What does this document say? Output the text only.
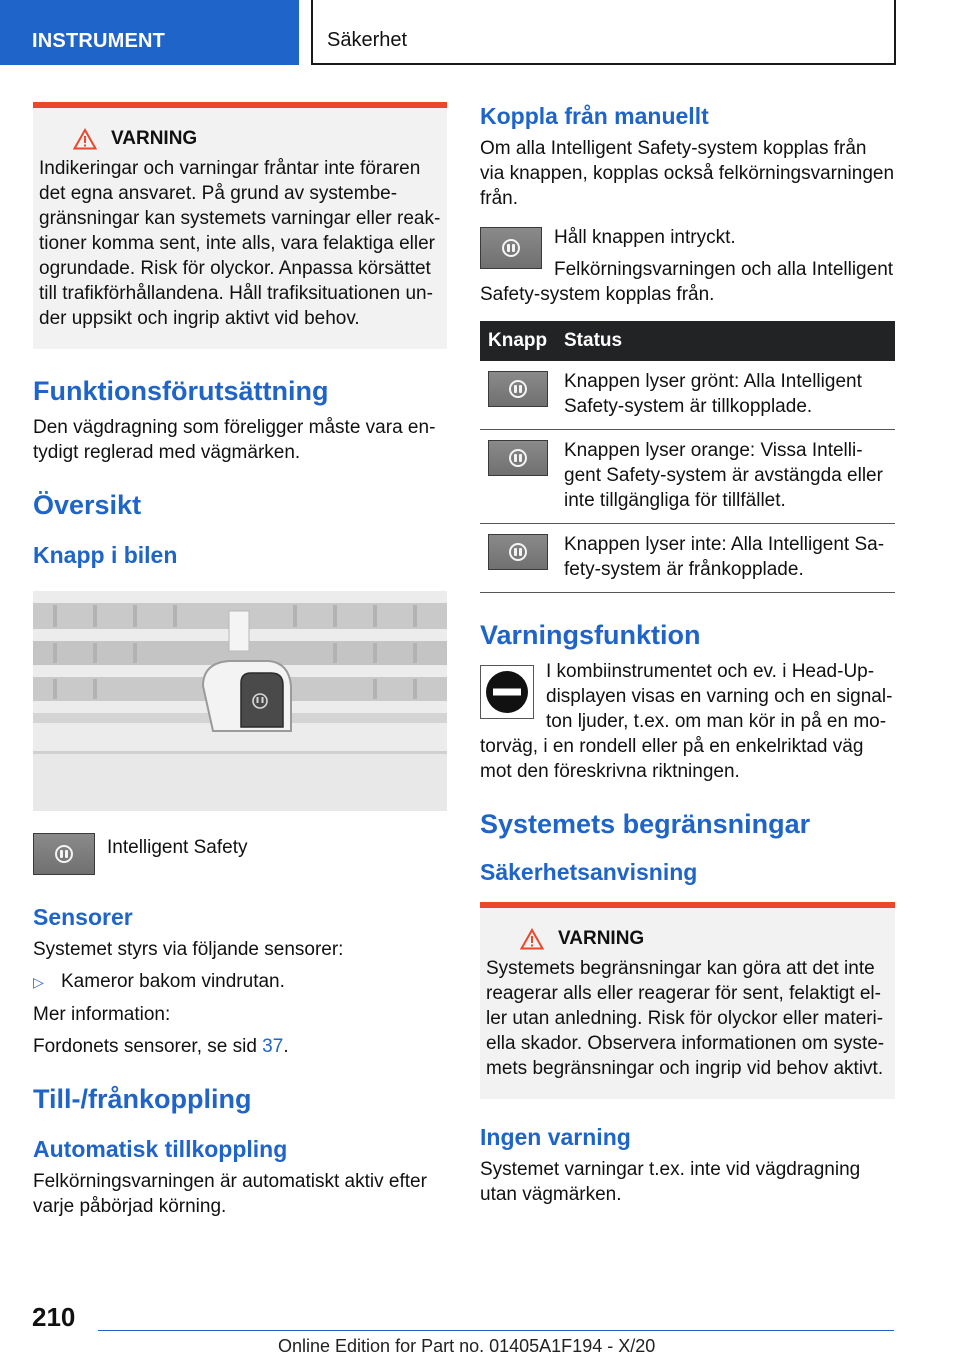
INSTRUMENT	Säkerhet
VARNING

Indikeringar och varningar fråntar inte föraren det egna ansvaret. På grund av systembegränsningar kan systemets varningar eller reaktioner komma sent, inte alls, vara felaktiga eller ogrundade. Risk för olyckor. Anpassa körsättet till trafikförhållandena. Håll trafiksituationen under uppsikt och ingrip aktivt vid behov.

Funktionsförutsättning

Den vägdragning som föreligger måste vara entydigt reglerad med vägmärken.

Översikt
Knapp i bilen
Intelligent Safety
Sensorer

Systemet styrs via följande sensorer:

▷ Kameror bakom vindrutan.

Mer information:

Fordonets sensorer, se sid 37.

Till-/frånkoppling
Automatisk tillkoppling

Felkörningsvarningen är automatiskt aktiv efter varje påbörjad körning.

Koppla från manuellt

Om alla Intelligent Safety-system kopplas från via knappen, kopplas också felkörningsvarningen från.

Håll knappen intryckt.

Felkörningsvarningen och alla Intelligent Safety-system kopplas från.

Knapp	Status

	Knappen lyser grönt: Alla Intelligent Safety-system är tillkopplade.

	Knappen lyser orange: Vissa Intelligent Safety-system är avstängda eller inte tillgängliga för tillfället.

	Knappen lyser inte: Alla Intelligent Safety-system är frånkopplade.
Varningsfunktion

I kombiinstrumentet och ev. i Head-Up-displayen visas en varning och en signalton ljuder, t.ex. om man kör in på en motorväg, i en rondell eller på en enkelriktad väg mot den föreskrivna riktningen.

Systemets begränsningar
Säkerhetsanvisning
VARNING

Systemets begränsningar kan göra att det inte reagerar alls eller reagerar för sent, felaktigt eller utan anledning. Risk för olyckor eller materiella skador. Observera informationen om systemets begränsningar och ingrip vid behov aktivt.

Ingen varning

Systemet varningar t.ex. inte vid vägdragning utan vägmärken.

210
Online Edition for Part no. 01405A1F194 - X/20
